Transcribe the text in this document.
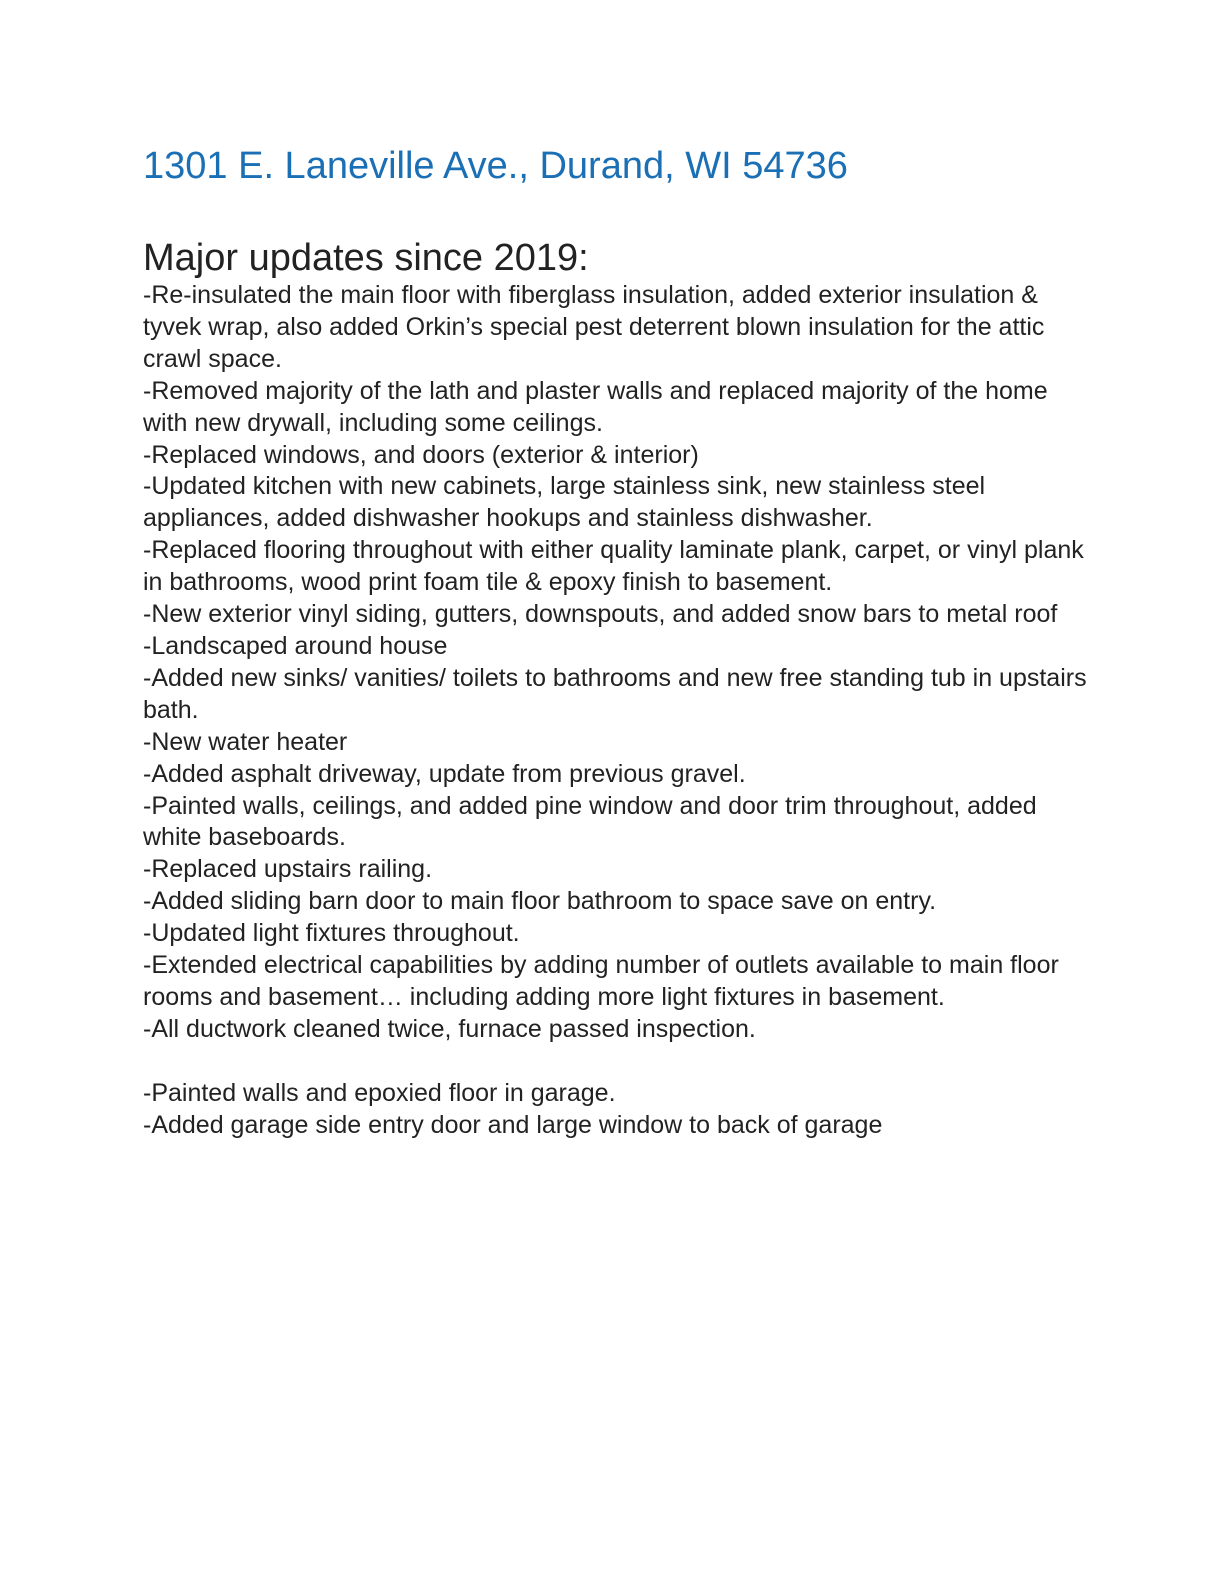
1301 E. Laneville Ave., Durand, WI 54736
Major updates since 2019:
-Re-insulated the main floor with fiberglass insulation, added exterior insulation & tyvek wrap, also added Orkin’s special pest deterrent blown insulation for the attic crawl space.
-Removed majority of the lath and plaster walls and replaced majority of the home with new drywall, including some ceilings.
-Replaced windows, and doors (exterior & interior)
-Updated kitchen with new cabinets, large stainless sink, new stainless steel appliances, added dishwasher hookups and stainless dishwasher.
-Replaced flooring throughout with either quality laminate plank, carpet, or vinyl plank in bathrooms, wood print foam tile & epoxy finish to basement.
-New exterior vinyl siding, gutters, downspouts, and added snow bars to metal roof
-Landscaped around house
-Added new sinks/ vanities/ toilets to bathrooms and new free standing tub in upstairs bath.
-New water heater
-Added asphalt driveway, update from previous gravel.
-Painted walls, ceilings, and added pine window and door trim throughout, added white baseboards.
-Replaced upstairs railing.
-Added sliding barn door to main floor bathroom to space save on entry.
-Updated light fixtures throughout.
-Extended electrical capabilities by adding number of outlets available to main floor rooms and basement… including adding more light fixtures in basement.
-All ductwork cleaned twice, furnace passed inspection.
-Painted walls and epoxied floor in garage.
-Added garage side entry door and large window to back of garage
